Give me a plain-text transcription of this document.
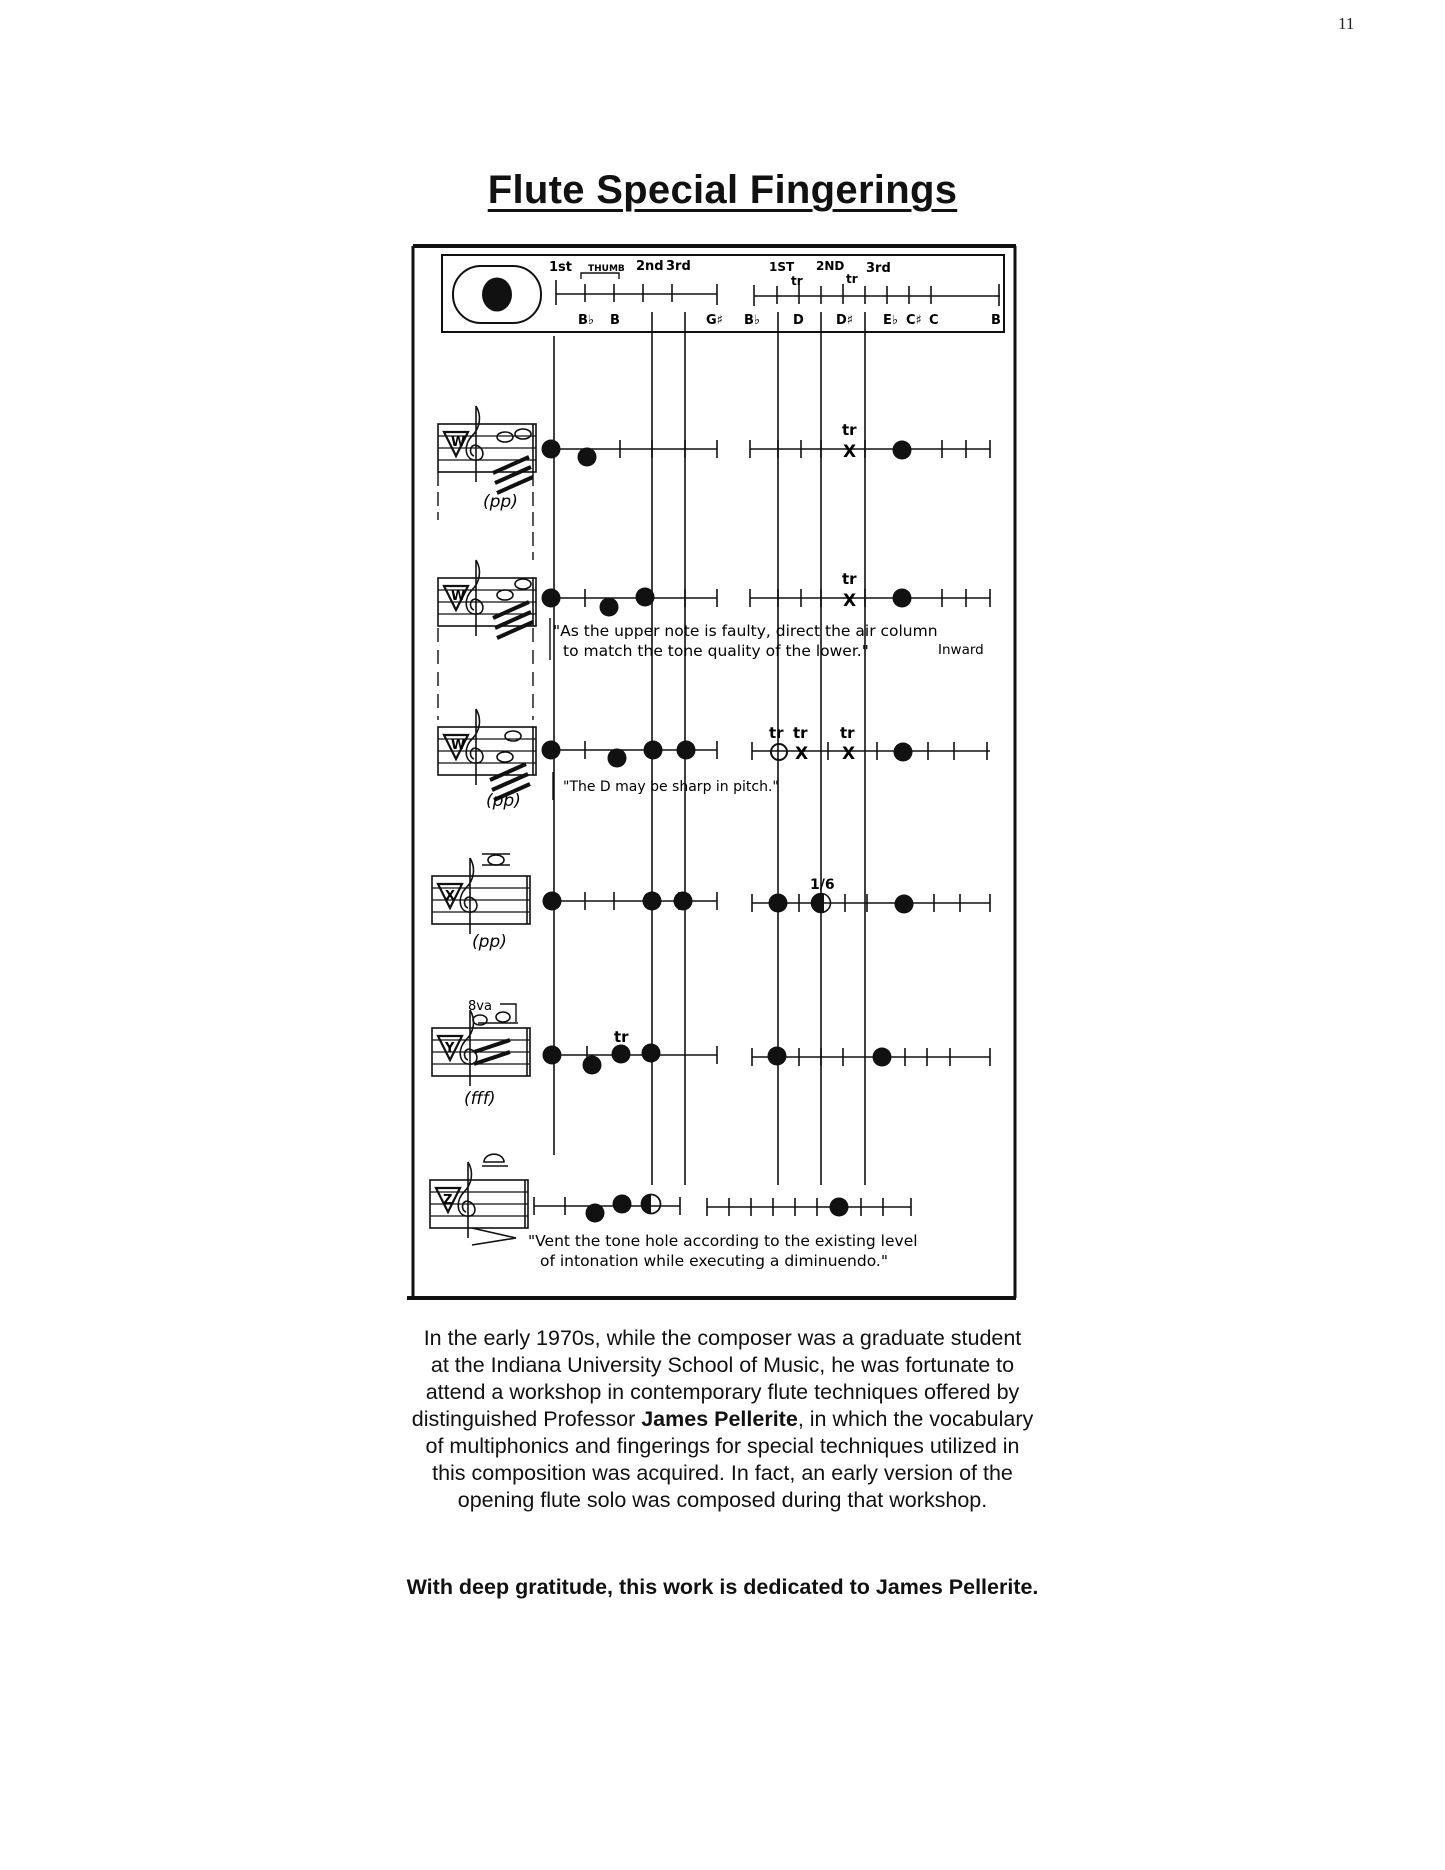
11
Flute Special Fingerings
1st THUMB 2nd 3rd	1ST
tr
2ND
tr
3rd
B♭ B	G♯ B♭	D D♯ E♭ C♯ C	B
W
(pp)
tr
X
W
tr
X
"As the upper note is faulty, direct the air column
to match the tone quality of the lower."	Inward
W
(pp)
tr tr
X
tr
X
"The D may be sharp in pitch."
X
(pp)
1/6
Y
8va
(fff)
tr
Z
"Vent the tone hole according to the existing level
of intonation while executing a diminuendo."
In the early 1970s, while the composer was a graduate student
at the Indiana University School of Music, he was fortunate to
attend a workshop in contemporary flute techniques offered by
distinguished Professor James Pellerite, in which the vocabulary
of multiphonics and fingerings for special techniques utilized in
this composition was acquired. In fact, an early version of the
opening flute solo was composed during that workshop.
With deep gratitude, this work is dedicated to James Pellerite.
